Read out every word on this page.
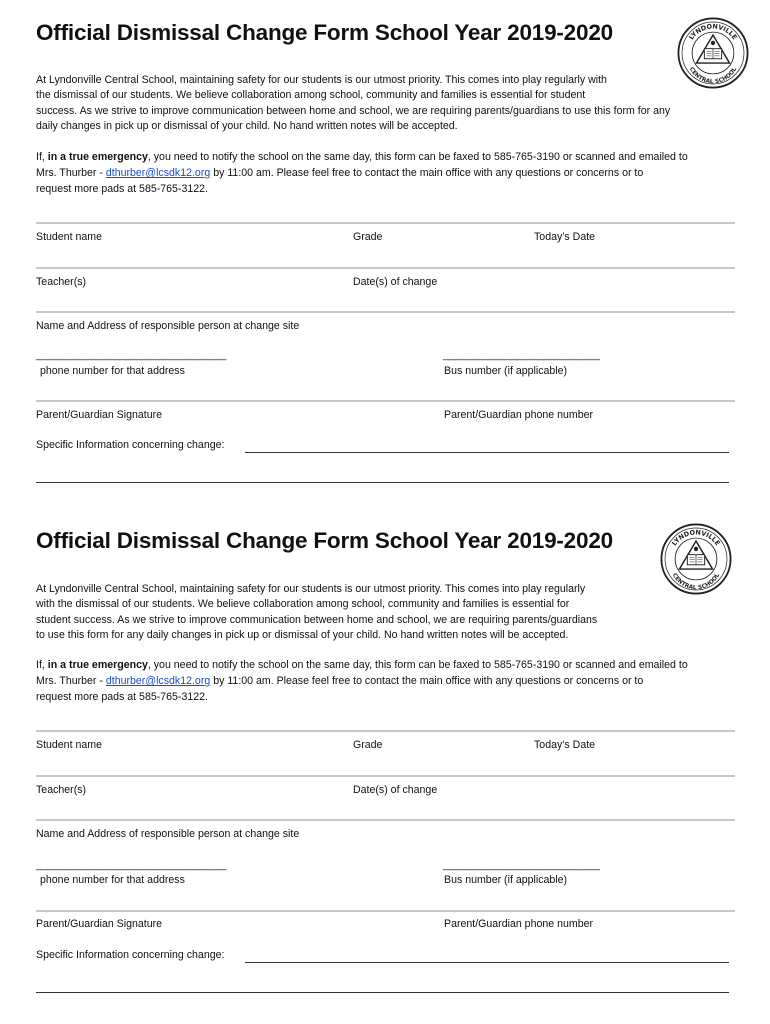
Official Dismissal Change Form School Year 2019-2020	LYNDONVILLE
CENTRAL SCHOOL

At Lyndonville Central School, maintaining safety for our students is our utmost priority. This comes into play regularly with
the dismissal of our students. We believe collaboration among school, community and families is essential for student
success. As we strive to improve communication between home and school, we are requiring parents/guardians to use this form for any
daily changes in pick up or dismissal of your child. No hand written notes will be accepted.

If, in a true emergency, you need to notify the school on the same day, this form can be faxed to 585-765-3190 or scanned and emailed to
Mrs. Thurber - dthurber@lcsdk12.org by 11:00 am. Please feel free to contact the main office with any questions or concerns or to
request more pads at 585-765-3122.

Student name	Grade	Today’s Date
Teacher(s)	Date(s) of change
Name and Address of responsible person at change site
__________________________________	____________________________
phone number for that address	Bus number (if applicable)
Parent/Guardian Signature	Parent/Guardian phone number
Specific Information concerning change:
Official Dismissal Change Form School Year 2019-2020	LYNDONVILLE
CENTRAL SCHOOL

At Lyndonville Central School, maintaining safety for our students is our utmost priority. This comes into play regularly
with the dismissal of our students. We believe collaboration among school, community and families is essential for
student success. As we strive to improve communication between home and school, we are requiring parents/guardians
to use this form for any daily changes in pick up or dismissal of your child. No hand written notes will be accepted.

If, in a true emergency, you need to notify the school on the same day, this form can be faxed to 585-765-3190 or scanned and emailed to
Mrs. Thurber - dthurber@lcsdk12.org by 11:00 am. Please feel free to contact the main office with any questions or concerns or to
request more pads at 585-765-3122.

Student name	Grade	Today’s Date
Teacher(s)	Date(s) of change
Name and Address of responsible person at change site
__________________________________	____________________________
phone number for that address	Bus number (if applicable)
Parent/Guardian Signature	Parent/Guardian phone number
Specific Information concerning change:
